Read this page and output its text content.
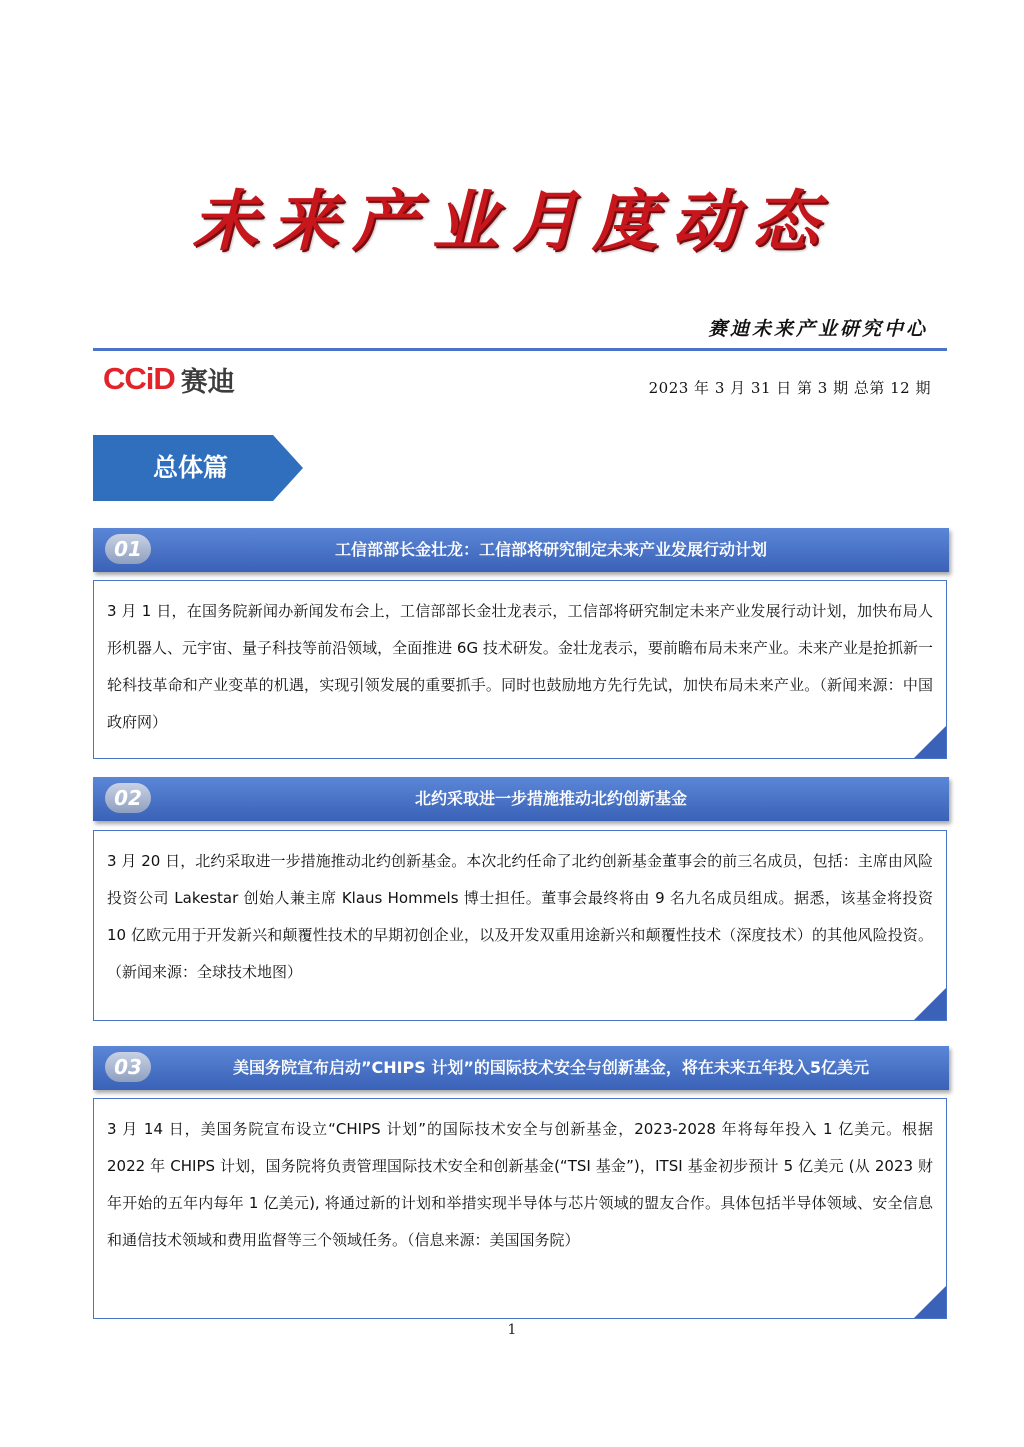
未来产业月度动态
赛迪未来产业研究中心
CCiD 赛迪	2023 年 3 月 31 日 第 3 期 总第 12 期
总体篇
01	工信部部长金壮龙：工信部将研究制定未来产业发展行动计划

3 月 1 日，在国务院新闻办新闻发布会上，工信部部长金壮龙表示，工信部将研究制定未来产业发展行动计划，加快布局人形机器人、元宇宙、量子科技等前沿领域，全面推进 6G 技术研发。金壮龙表示，要前瞻布局未来产业。未来产业是抢抓新一轮科技革命和产业变革的机遇，实现引领发展的重要抓手。同时也鼓励地方先行先试，加快布局未来产业。（新闻来源：中国政府网）

02	北约采取进一步措施推动北约创新基金

3 月 20 日，北约采取进一步措施推动北约创新基金。本次北约任命了北约创新基金董事会的前三名成员，包括：主席由风险投资公司 Lakestar 创始人兼主席 Klaus Hommels 博士担任。董事会最终将由 9 名九名成员组成。据悉，该基金将投资 10 亿欧元用于开发新兴和颠覆性技术的早期初创企业，以及开发双重用途新兴和颠覆性技术（深度技术）的其他风险投资。（新闻来源：全球技术地图）

03	美国务院宣布启动”CHIPS 计划”的国际技术安全与创新基金，将在未来五年投入5亿美元

3 月 14 日，美国务院宣布设立“CHIPS 计划”的国际技术安全与创新基金，2023-2028 年将每年投入 1 亿美元。根据 2022 年 CHIPS 计划，国务院将负责管理国际技术安全和创新基金(“TSI 基金”)，ITSI 基金初步预计 5 亿美元 (从 2023 财年开始的五年内每年 1 亿美元), 将通过新的计划和举措实现半导体与芯片领域的盟友合作。具体包括半导体领域、安全信息和通信技术领域和费用监督等三个领域任务。（信息来源：美国国务院）

1
